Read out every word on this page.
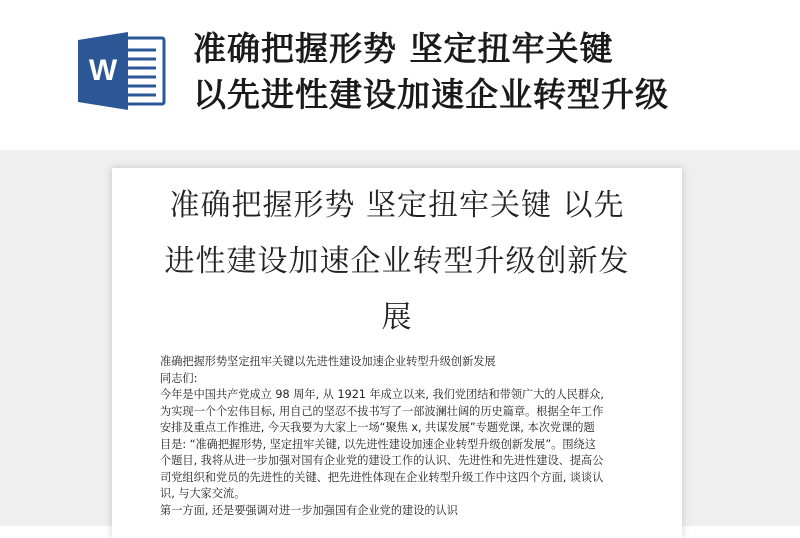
W
准确把握形势 坚定扭牢关键
以先进性建设加速企业转型升级
准确把握形势 坚定扭牢关键 以先
进性建设加速企业转型升级创新发
展

准确把握形势坚定扭牢关键以先进性建设加速企业转型升级创新发展

同志们:

今年是中国共产党成立 98 周年, 从 1921 年成立以来, 我们党团结和带领广大的人民群众,

为实现一个个宏伟目标, 用自己的坚忍不拔书写了一部波澜壮阔的历史篇章。根据全年工作

安排及重点工作推进, 今天我要为大家上一场“聚焦 x, 共谋发展”专题党课, 本次党课的题

目是: “准确把握形势, 坚定扭牢关键, 以先进性建设加速企业转型升级创新发展”。围绕这

个题目, 我将从进一步加强对国有企业党的建设工作的认识、先进性和先进性建设、提高公

司党组织和党员的先进性的关键、把先进性体现在企业转型升级工作中这四个方面, 谈谈认

识, 与大家交流。

第一方面, 还是要强调对进一步加强国有企业党的建设的认识
